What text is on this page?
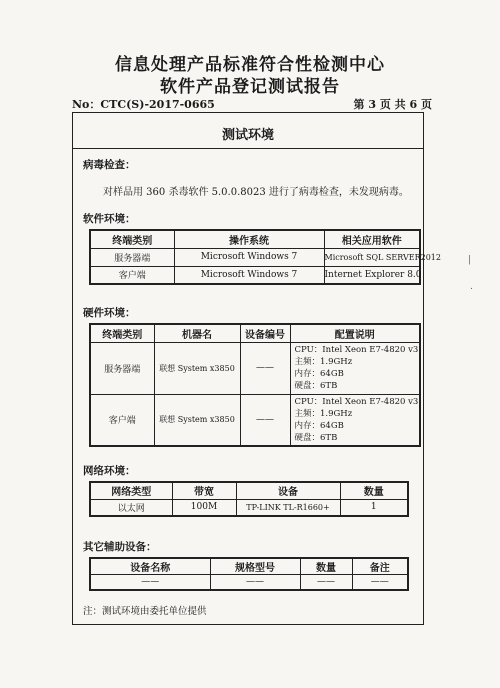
信息处理产品标准符合性检测中心
软件产品登记测试报告
No：CTC(S)-2017-0665	第 3 页 共 6 页
测试环境
病毒检查：
对样品用 360 杀毒软件 5.0.0.8023 进行了病毒检查，未发现病毒。
软件环境：
终端类别	操作系统	相关应用软件
服务器端	Microsoft Windows 7	Microsoft SQL SERVER2012
客户端	Microsoft Windows 7	Internet Explorer 8.0
硬件环境：
终端类别	机器名	设备编号	配置说明
服务器端	联想 System x3850	——	CPU：Intel Xeon E7-4820 v3
主频：1.9GHz
内存：64GB
硬盘：6TB

客户端	联想 System x3850	——	CPU：Intel Xeon E7-4820 v3
主频：1.9GHz
内存：64GB
硬盘：6TB
网络环境：
网络类型	带宽	设备	数量
以太网	100M	TP-LINK TL-R1660+	1
其它辅助设备：
设备名称	规格型号	数量	备注
——	——	——	——
注：测试环境由委托单位提供
|
.
